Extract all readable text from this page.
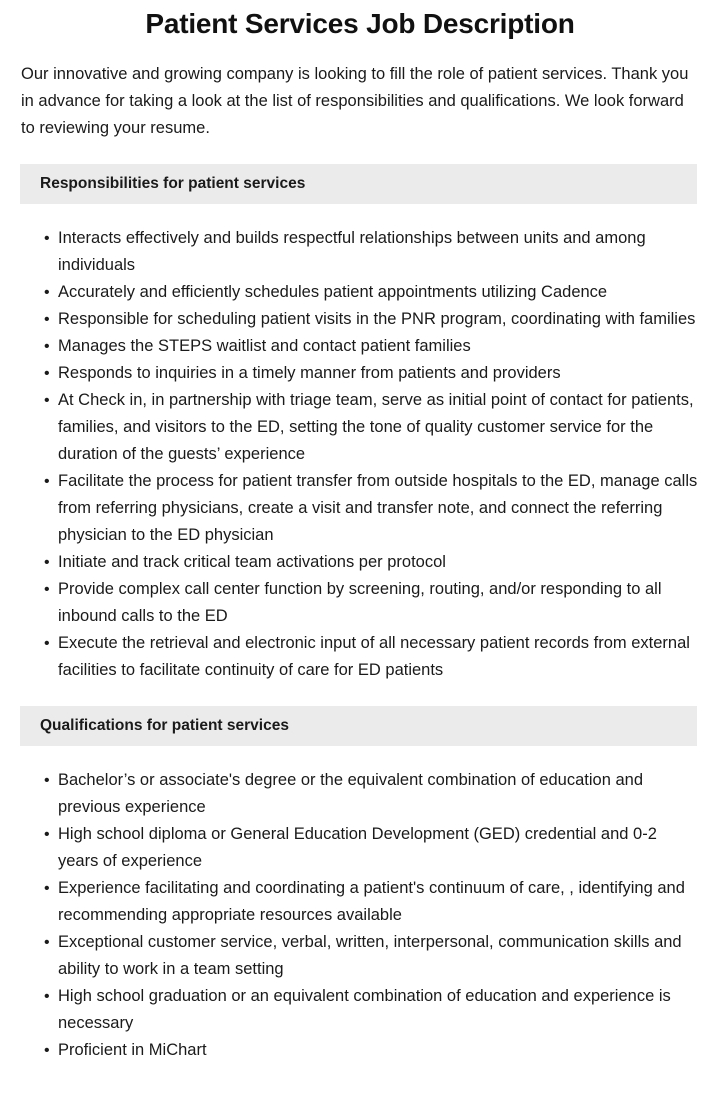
Patient Services Job Description

Our innovative and growing company is looking to fill the role of patient services. Thank you in advance for taking a look at the list of responsibilities and qualifications. We look forward to reviewing your resume.

Responsibilities for patient services
• Interacts effectively and builds respectful relationships between units and among individuals
• Accurately and efficiently schedules patient appointments utilizing Cadence
• Responsible for scheduling patient visits in the PNR program, coordinating with families
• Manages the STEPS waitlist and contact patient families
• Responds to inquiries in a timely manner from patients and providers
• At Check in, in partnership with triage team, serve as initial point of contact for patients, families, and visitors to the ED, setting the tone of quality customer service for the duration of the guests’ experience
• Facilitate the process for patient transfer from outside hospitals to the ED, manage calls from referring physicians, create a visit and transfer note, and connect the referring physician to the ED physician
• Initiate and track critical team activations per protocol
• Provide complex call center function by screening, routing, and/or responding to all inbound calls to the ED
• Execute the retrieval and electronic input of all necessary patient records from external facilities to facilitate continuity of care for ED patients
Qualifications for patient services
• Bachelor’s or associate's degree or the equivalent combination of education and previous experience
• High school diploma or General Education Development (GED) credential and 0-2 years of experience
• Experience facilitating and coordinating a patient's continuum of care, , identifying and recommending appropriate resources available
• Exceptional customer service, verbal, written, interpersonal, communication skills and ability to work in a team setting
• High school graduation or an equivalent combination of education and experience is necessary
• Proficient in MiChart
